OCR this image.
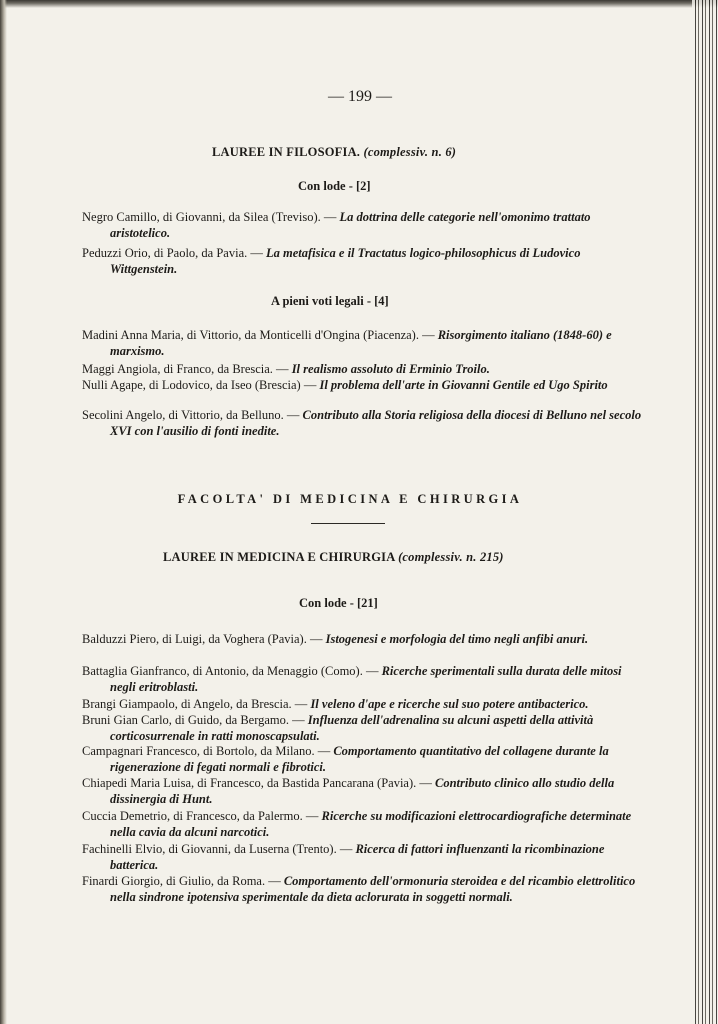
— 199 —
LAUREE IN FILOSOFIA. (complessiv. n. 6)
Con lode - [2]
Negro Camillo, di Giovanni, da Silea (Treviso). — La dottrina delle categorie nell'omonimo trattato aristotelico.
Peduzzi Orio, di Paolo, da Pavia. — La metafisica e il Tractatus logico-philosophicus di Ludovico Wittgenstein.
A pieni voti legali - [4]
Madini Anna Maria, di Vittorio, da Monticelli d'Ongina (Piacenza). — Risorgimento italiano (1848-60) e marxismo.
Maggi Angiola, di Franco, da Brescia. — Il realismo assoluto di Erminio Troilo.
Nulli Agape, di Lodovico, da Iseo (Brescia) — Il problema dell'arte in Giovanni Gentile ed Ugo Spirito
Secolini Angelo, di Vittorio, da Belluno. — Contributo alla Storia religiosa della diocesi di Belluno nel secolo XVI con l'ausilio di fonti inedite.
FACOLTA' DI MEDICINA E CHIRURGIA
LAUREE IN MEDICINA E CHIRURGIA (complessiv. n. 215)
Con lode - [21]
Balduzzi Piero, di Luigi, da Voghera (Pavia). — Istogenesi e morfologia del timo negli anfibi anuri.
Battaglia Gianfranco, di Antonio, da Menaggio (Como). — Ricerche sperimentali sulla durata delle mitosi negli eritroblasti.
Brangi Giampaolo, di Angelo, da Brescia. — Il veleno d'ape e ricerche sul suo potere antibacterico.
Bruni Gian Carlo, di Guido, da Bergamo. — Influenza dell'adrenalina su alcuni aspetti della attività corticosurrenale in ratti monoscapsulati.
Campagnari Francesco, di Bortolo, da Milano. — Comportamento quantitativo del collagene durante la rigenerazione di fegati normali e fibrotici.
Chiapedi Maria Luisa, di Francesco, da Bastida Pancarana (Pavia). — Contributo clinico allo studio della dissinergia di Hunt.
Cuccia Demetrio, di Francesco, da Palermo. — Ricerche su modificazioni elettrocardiografiche determinate nella cavia da alcuni narcotici.
Fachinelli Elvio, di Giovanni, da Luserna (Trento). — Ricerca di fattori influenzanti la ricombinazione batterica.
Finardi Giorgio, di Giulio, da Roma. — Comportamento dell'ormonuria steroidea e del ricambio elettrolitico nella sindrone ipotensiva sperimentale da dieta aclorurata in soggetti normali.
